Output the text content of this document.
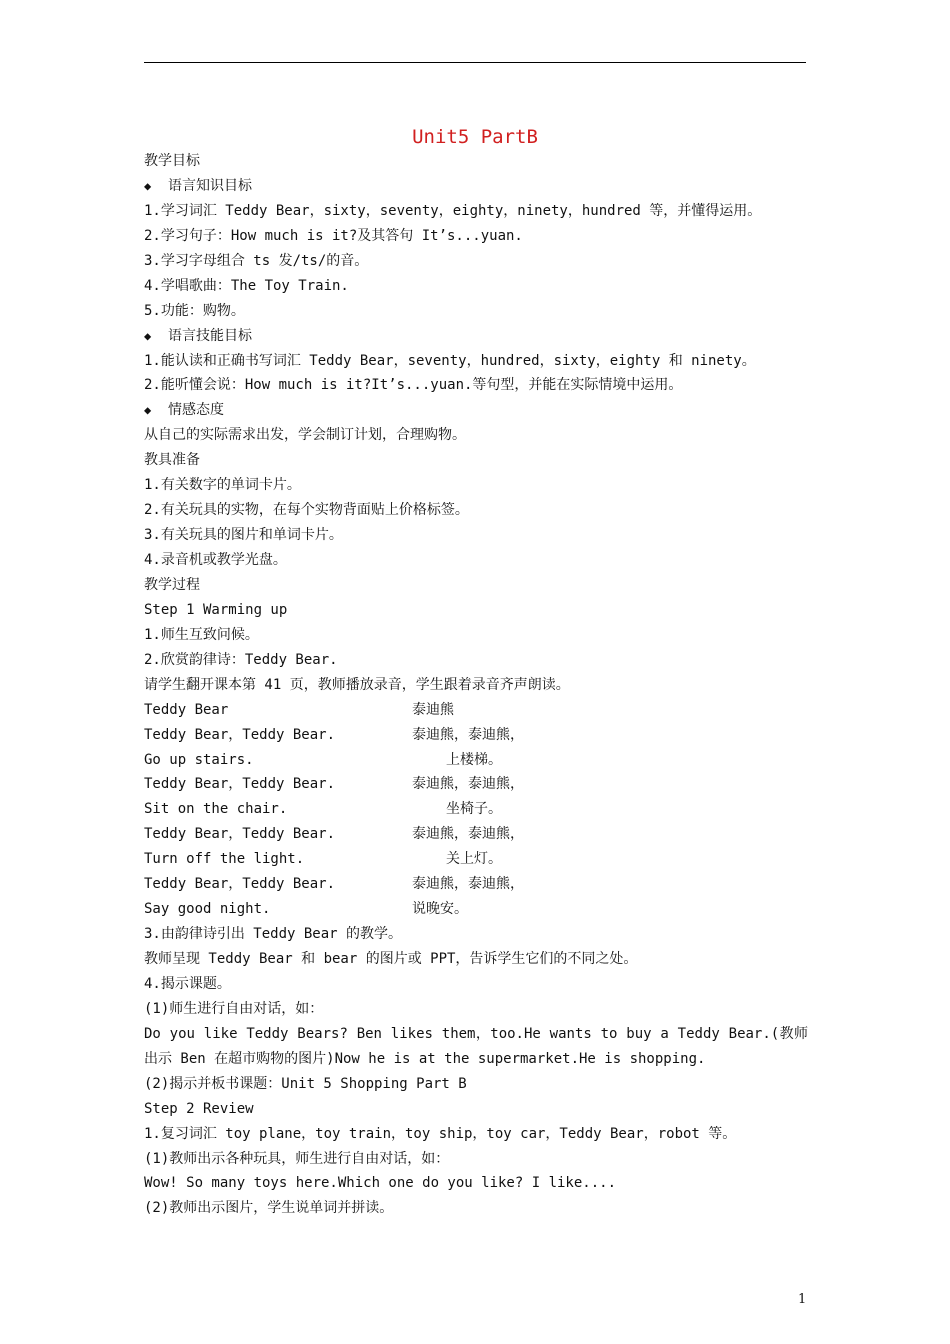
Unit5 PartB
教学目标
◆ 语言知识目标
1.学习词汇 Teddy Bear，sixty，seventy，eighty，ninety，hundred 等，并懂得运用。
2.学习句子：How much is it?及其答句 It’s...yuan.
3.学习字母组合 ts 发/ts/的音。
4.学唱歌曲：The Toy Train.
5.功能：购物。
◆ 语言技能目标
1.能认读和正确书写词汇 Teddy Bear，seventy，hundred，sixty，eighty 和 ninety。
2.能听懂会说：How much is it?It’s...yuan.等句型，并能在实际情境中运用。
◆ 情感态度
从自己的实际需求出发，学会制订计划，合理购物。
教具准备
1.有关数字的单词卡片。
2.有关玩具的实物，在每个实物背面贴上价格标签。
3.有关玩具的图片和单词卡片。
4.录音机或教学光盘。
教学过程
Step 1 Warming up
1.师生互致问候。
2.欣赏韵律诗：Teddy Bear.
请学生翻开课本第 41 页，教师播放录音，学生跟着录音齐声朗读。
Teddy Bear	泰迪熊
Teddy Bear，Teddy Bear.	泰迪熊，泰迪熊，
Go up stairs.	上楼梯。
Teddy Bear，Teddy Bear.	泰迪熊，泰迪熊，
Sit on the chair.	坐椅子。
Teddy Bear，Teddy Bear.	泰迪熊，泰迪熊，
Turn off the light.	关上灯。
Teddy Bear，Teddy Bear.	泰迪熊，泰迪熊，
Say good night.	说晚安。
3.由韵律诗引出 Teddy Bear 的教学。
教师呈现 Teddy Bear 和 bear 的图片或 PPT，告诉学生它们的不同之处。
4.揭示课题。
(1)师生进行自由对话，如：
Do you like Teddy Bears? Ben likes them，too.He wants to buy a Teddy Bear.(教师出示 Ben 在超市购物的图片)Now he is at the supermarket.He is shopping.
(2)揭示并板书课题：Unit 5 Shopping Part B
Step 2 Review
1.复习词汇 toy plane，toy train，toy ship，toy car，Teddy Bear，robot 等。
(1)教师出示各种玩具，师生进行自由对话，如：
Wow! So many toys here.Which one do you like? I like....
(2)教师出示图片，学生说单词并拼读。
1
